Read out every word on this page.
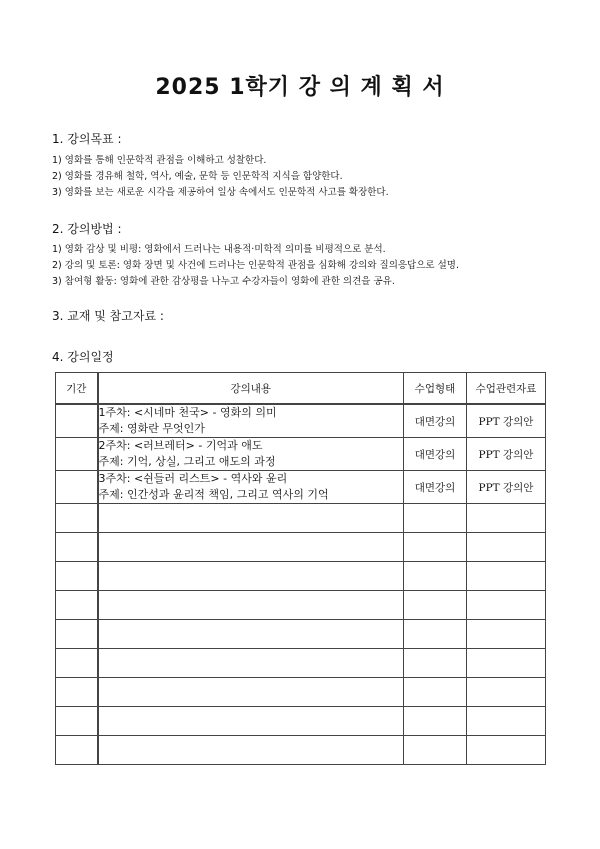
2025 1학기 강 의 계 획 서
1. 강의목표 :
1) 영화를 통해 인문학적 관점을 이해하고 성찰한다.
2) 영화를 경유해 철학, 역사, 예술, 문학 등 인문학적 지식을 함양한다.
3) 영화를 보는 새로운 시각을 제공하여 일상 속에서도 인문학적 사고를 확장한다.
2. 강의방법 :
1) 영화 감상 및 비평: 영화에서 드러나는 내용적·미학적 의미를 비평적으로 분석.
2) 강의 및 토론: 영화 장면 및 사건에 드러나는 인문학적 관점을 심화해 강의와 질의응답으로 설명.
3) 참여형 활동: 영화에 관한 감상평을 나누고 수강자들이 영화에 관한 의견을 공유.
3. 교재 및 참고자료 :
4. 강의일정
기간	강의내용	수업형태	수업관련자료

	1주차: <시네마 천국> - 영화의 의미
주제: 영화란 무엇인가	대면강의	PPT 강의안

	2주차: <러브레터> - 기억과 애도
주제: 기억, 상실, 그리고 애도의 과정	대면강의	PPT 강의안

	3주차: <쉰들러 리스트> - 역사와 윤리
주제: 인간성과 윤리적 책임, 그리고 역사의 기억	대면강의	PPT 강의안
